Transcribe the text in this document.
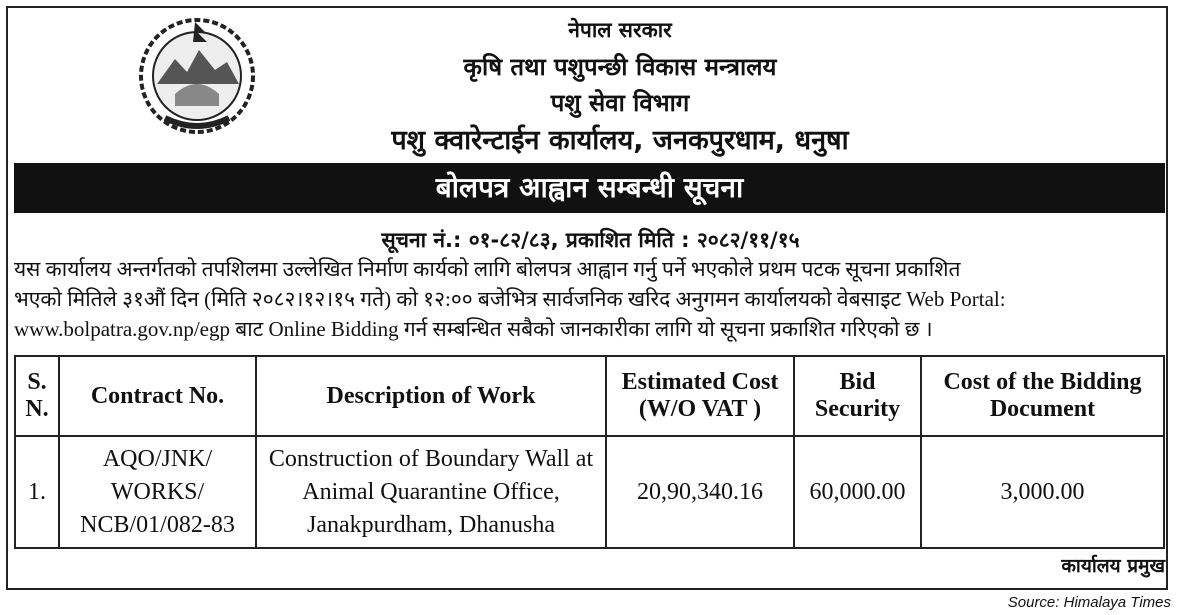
नेपाल सरकार
कृषि तथा पशुपन्छी विकास मन्त्रालय
पशु सेवा विभाग
पशु क्वारेन्टाईन कार्यालय, जनकपुरधाम, धनुषा
बोलपत्र आह्वान सम्बन्धी सूचना
सूचना नं.: ०१-८२/८३, प्रकाशित मिति : २०८२/११/१५
यस कार्यालय अन्तर्गतको तपशिलमा उल्लेखित निर्माण कार्यको लागि बोलपत्र आह्वान गर्नु पर्ने भएकोले प्रथम पटक सूचना प्रकाशित
भएको मितिले ३१औं दिन (मिति २०८२।१२।१५ गते) को १२:०० बजेभित्र सार्वजनिक खरिद अनुगमन कार्यालयको वेबसाइट Web Portal:
www.bolpatra.gov.np/egp बाट Online Bidding गर्न सम्बन्धित सबैको जानकारीका लागि यो सूचना प्रकाशित गरिएको छ ।
S. N.	Contract No.	Description of Work	Estimated Cost (W/O VAT )	Bid Security	Cost of the Bidding Document
1.	AQO/JNK/ WORKS/ NCB/01/082-83	Construction of Boundary Wall at Animal Quarantine Office, Janakpurdham, Dhanusha	20,90,340.16	60,000.00	3,000.00
कार्यालय प्रमुख
Source: Himalaya Times
